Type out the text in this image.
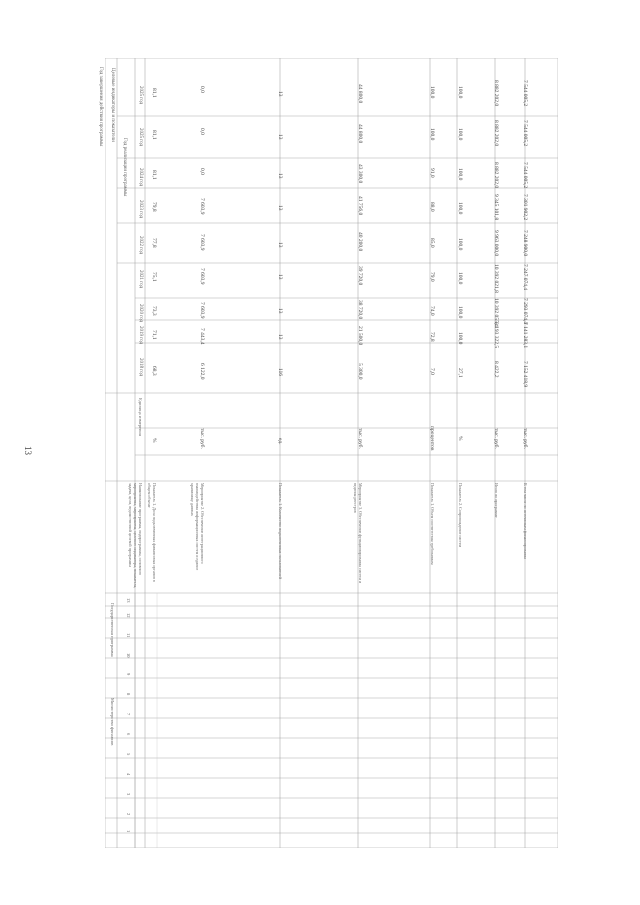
13
Целевые индикаторы и показатели
Министерство финансов
Государственная программа
Год реализации программы
Год завершения действия программы
Наименование программы, подпрограммы, основного мероприятия, мероприятия, целевого индикатора, показателя, задачи, цели, ведомственной целевой программы
Единица измерения
2025 год
2025 год
2024 год
2023 год
2022 год
2021 год
2020 год
2019 год
2018 год
Показатель 1. Доля подключенных финансовых органов в общем объеме
%
68,3
71,1
73,3
75,1
77,8
79,8
81,1
81,1
81,1
Мероприятие 2. Обеспечение интеграционного взаимодействия информационных систем и единое хранилище данных
тыс. руб.
6 122,0
7 443,4
7 603,9
7 603,9
7 603,9
7 603,9
0,0
0,0
0,0
Показатель 1. Количество подключенных пользователей
ед.
116
13
13
13
13
13
13
13
13
Мероприятие 3. Обеспечение функционирования систем и ведения реестров
тыс. руб.
5 300,0
21 500,0
38 720,0
39 720,0
40 200,0
41 756,0
43 300,0
44 800,0
44 800,0
Показатель 1. Объем соответствия требованиям
процентов
7,0
72,8
74,0
79,0
85,0
88,0
91,0
100,0
100,0
Показатель 2. Сопровождение систем
%
27,1
100,0
100,0
100,0
100,0
100,0
100,0
100,0
100,0
Итого по программе
тыс. руб.
8 422,2
8 193 322,5
10 392 055,4
10 392 021,8
9 963 000,0
9 345 101,8
8 882 202,0
8 882 202,0
8 882 202,0
В том числе по источникам финансирования
тыс. руб.
7 152 418,9
7 141 283,1
7 293 074,4
7 247 074,4
7 248 900,0
7 301 902,2
7 544 005,2
7 544 005,2
7 544 005,2
1
2
3
4
5
6
7
8
9
10
11
12
13
